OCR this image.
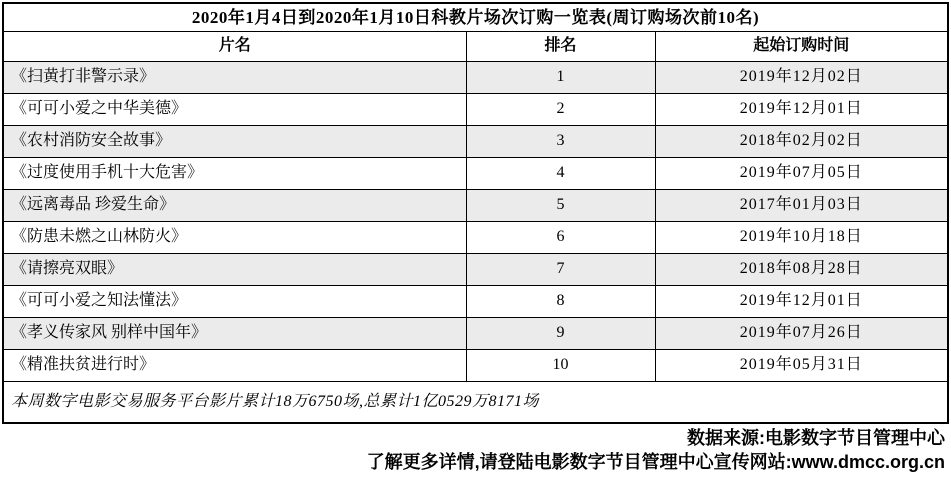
2020年1月4日到2020年1月10日科教片场次订购一览表(周订购场次前10名)		
片名	排名	起始订购时间
《扫黄打非警示录》	1	2019年12月02日
《可可小爱之中华美德》	2	2019年12月01日
《农村消防安全故事》	3	2018年02月02日
《过度使用手机十大危害》	4	2019年07月05日
《远离毒品 珍爱生命》	5	2017年01月03日
《防患未燃之山林防火》	6	2019年10月18日
《请擦亮双眼》	7	2018年08月28日
《可可小爱之知法懂法》	8	2019年12月01日
《孝义传家风 别样中国年》	9	2019年07月26日
《精准扶贫进行时》	10	2019年05月31日
本周数字电影交易服务平台影片累计18万6750场,总累计1亿0529万8171场		
数据来源:电影数字节目管理中心
了解更多详情,请登陆电影数字节目管理中心宣传网站:www.dmcc.org.cn
